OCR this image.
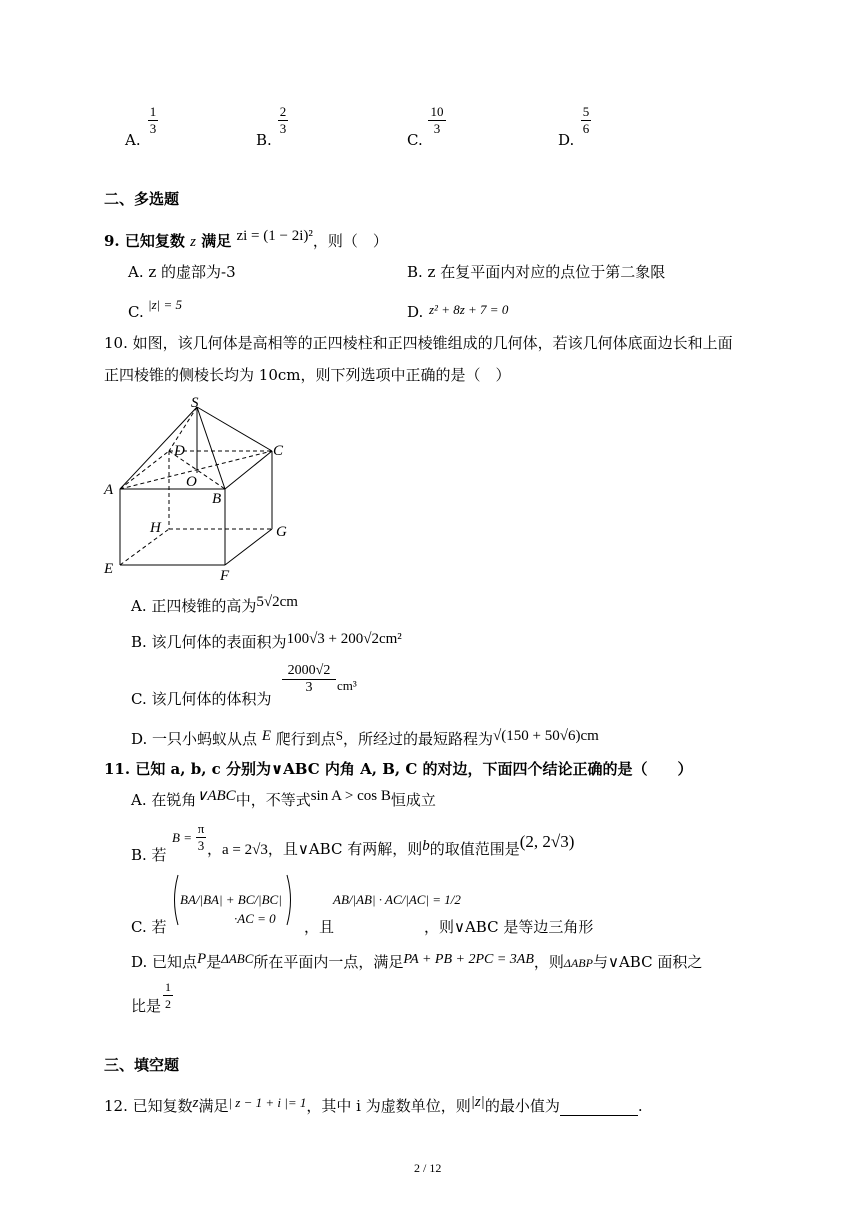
A.
1
3
B.
2
3
C.
10
3
D.
5
6
二、多选题
9. 已知复数 z 满足 zi = (1 − 2i)²，则（　）
A. z 的虚部为-3	B. z 在复平面内对应的点位于第二象限
C. |z| = 5	D. z² + 8z + 7 = 0
10. 如图，该几何体是高相等的正四棱柱和正四棱锥组成的几何体，若该几何体底面边长和上面
正四棱锥的侧棱长均为 10cm，则下列选项中正确的是（　）
S
D	C
A	O
B
H	G
E	F
A. 正四棱锥的高为5√2cm
B. 该几何体的表面积为100√3 + 200√2cm²
C. 该几何体的体积为
2000√2
3	cm³
D. 一只小蚂蚁从点 E 爬行到点S，所经过的最短路程为√(150 + 50√6)cm
11. 已知 a, b, c 分别为∨ABC 内角 A, B, C 的对边，下面四个结论正确的是（　　）
A. 在锐角∨ABC中，不等式sin A > cos B恒成立
B. 若
B =
π
3 ，a = 2√3，且∨ABC 有两解，则b的取值范围是(2, 2√3)
C. 若
BA/|BA| + BC/|BC|
·AC = 0 ，且
AB/|AB| · AC/|AC| = 1/2
，则∨ABC 是等边三角形
D. 已知点P是ΔABC所在平面内一点，满足PA + PB + 2PC = 3AB，则ΔABP与∨ABC 面积之
比是
1
2
三、填空题
12. 已知复数z满足| z − 1 + i |= 1，其中 i 为虚数单位，则|z|的最小值为	.
2 / 12
